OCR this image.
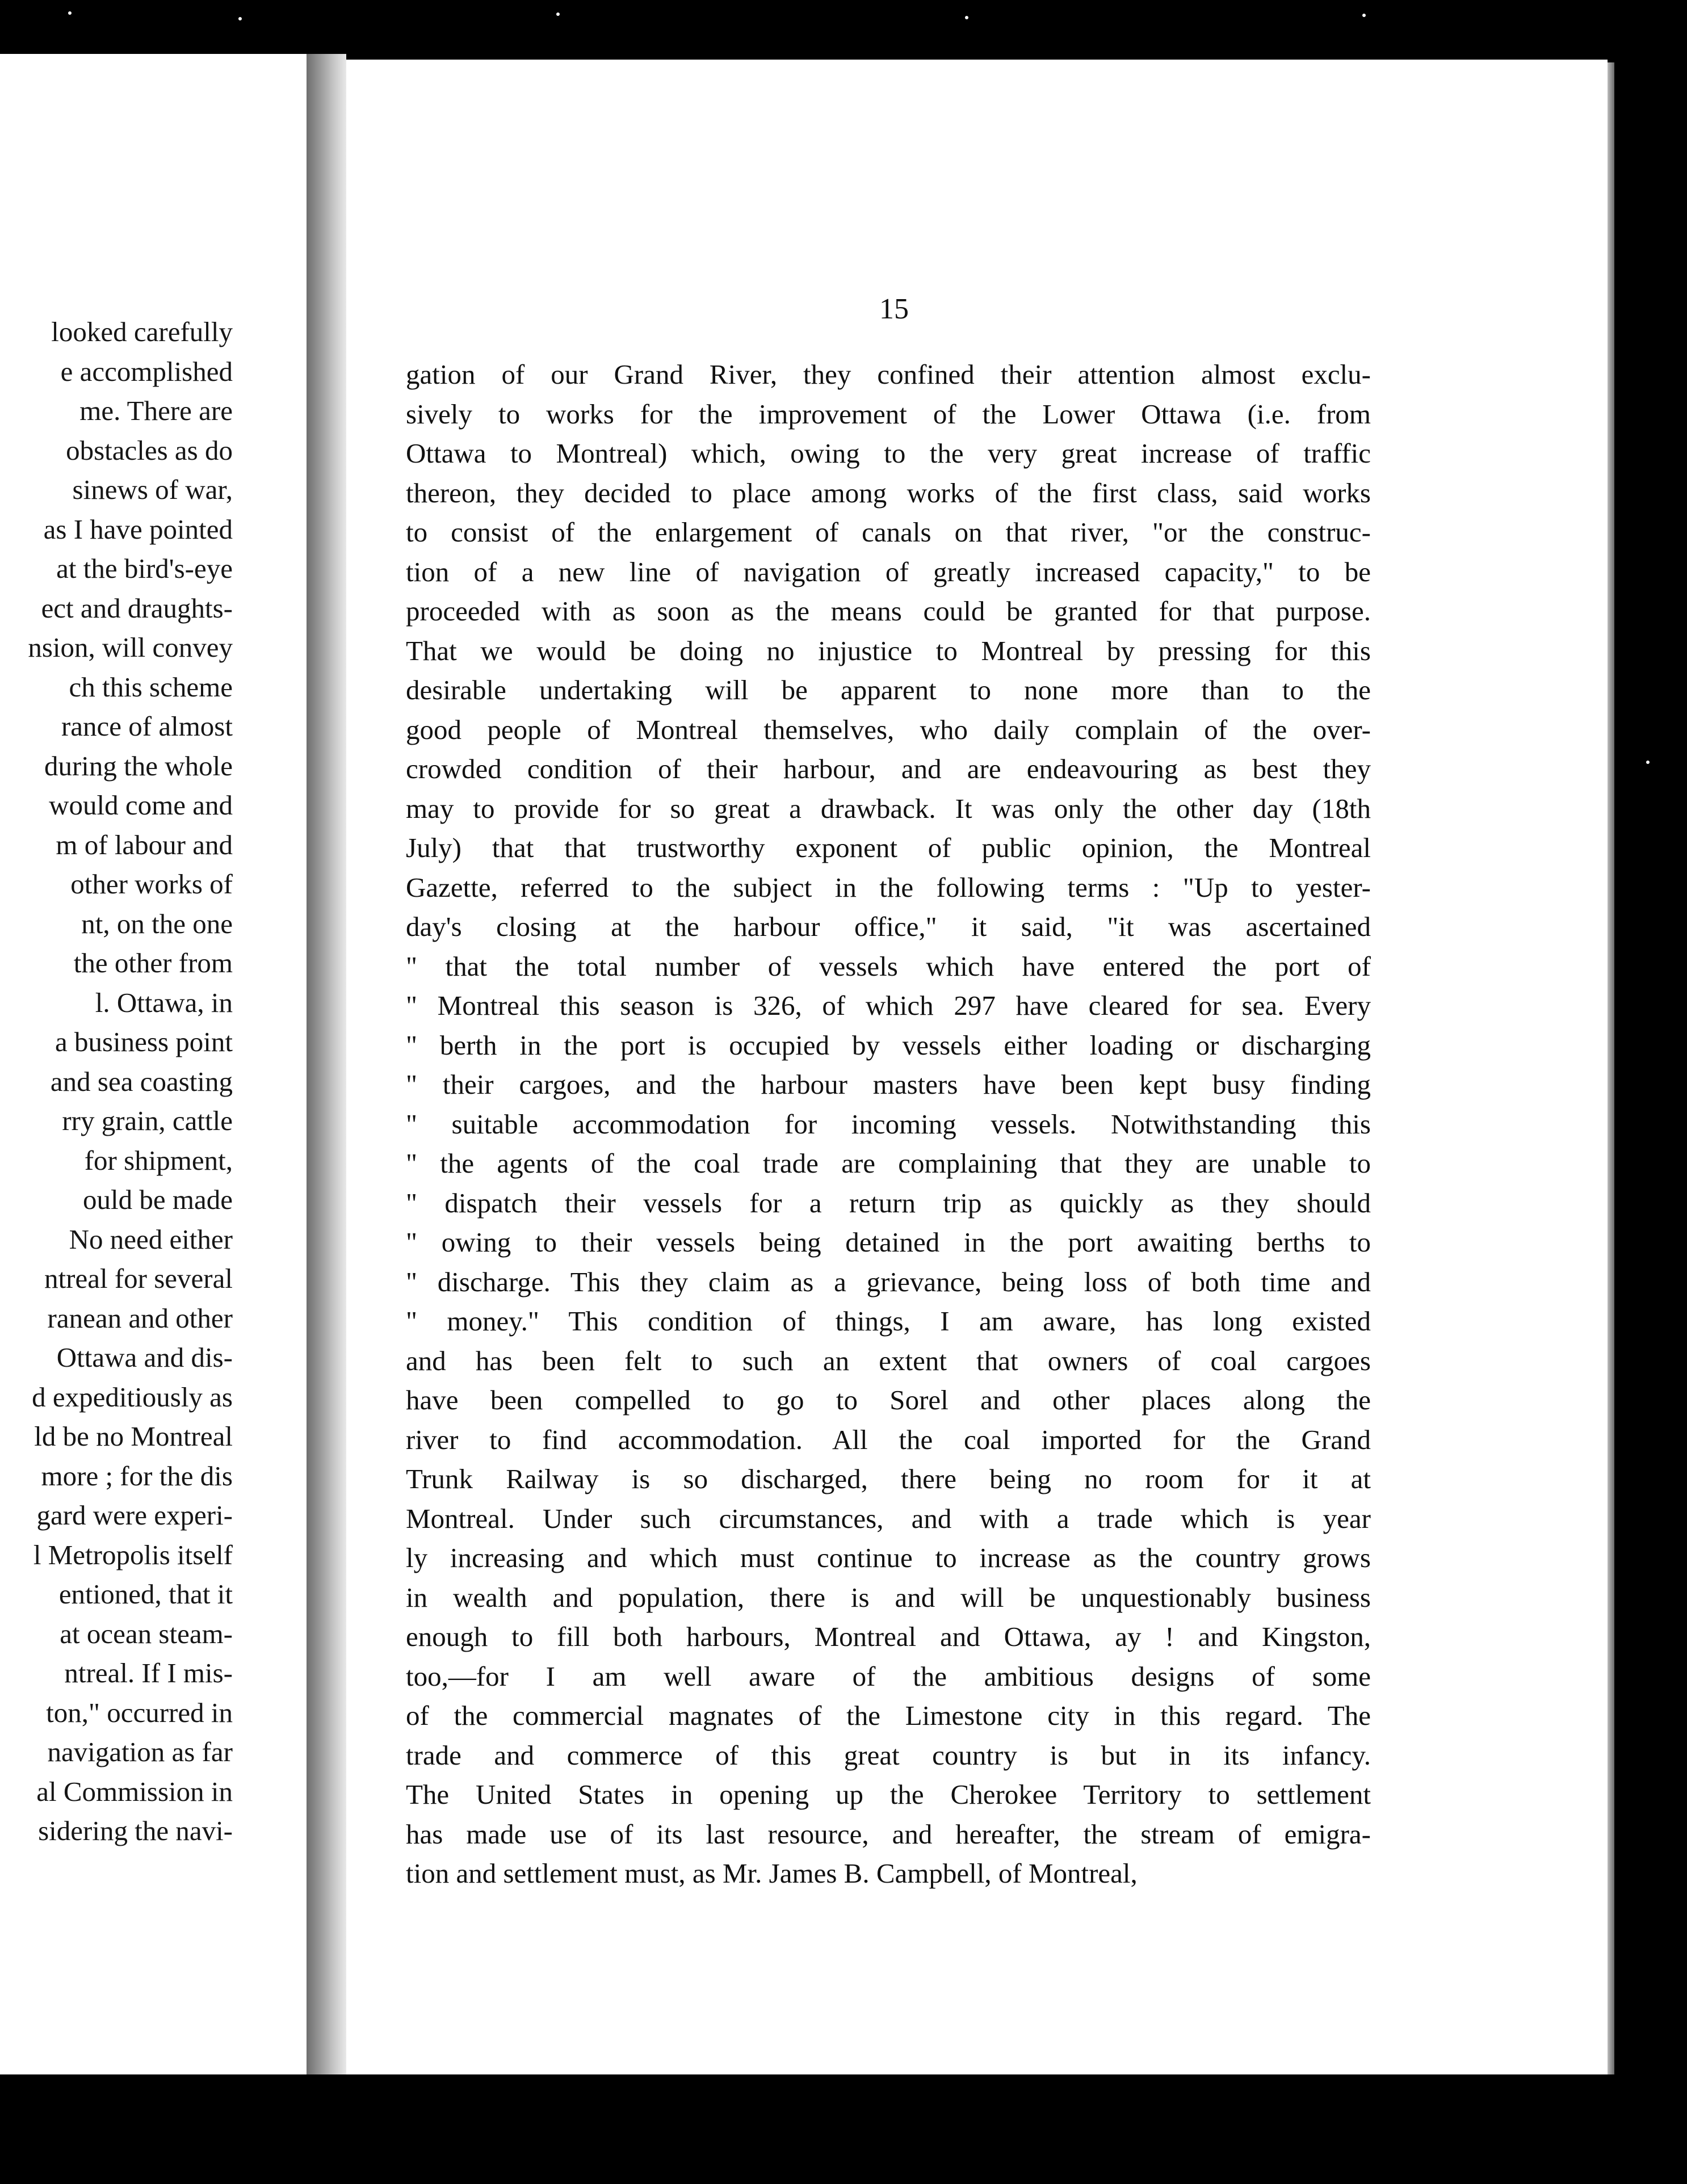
looked carefully
e accomplished
me. There are
obstacles as do
sinews of war,
as I have pointed
at the bird's-eye
ect and draughts-
nsion, will convey
ch this scheme
rance of almost
during the whole
would come and
m of labour and
other works of
nt, on the one
the other from
l. Ottawa, in
a business point
and sea coasting
rry grain, cattle
for shipment,
ould be made
No need either
ntreal for several
ranean and other
Ottawa and dis-
d expeditiously as
ld be no Montreal
more ; for the dis
gard were experi-
l Metropolis itself
entioned, that it
at ocean steam-
ntreal. If I mis-
ton," occurred in
navigation as far
al Commission in
sidering the navi-
15
gation of our Grand River, they confined their attention almost exclu-
sively to works for the improvement of the Lower Ottawa (i.e. from
Ottawa to Montreal) which, owing to the very great increase of traffic
thereon, they decided to place among works of the first class, said works
to consist of the enlargement of canals on that river, "or the construc-
tion of a new line of navigation of greatly increased capacity," to be
proceeded with as soon as the means could be granted for that purpose.
That we would be doing no injustice to Montreal by pressing for this
desirable undertaking will be apparent to none more than to the
good people of Montreal themselves, who daily complain of the over-
crowded condition of their harbour, and are endeavouring as best they
may to provide for so great a drawback. It was only the other day (18th
July) that that trustworthy exponent of public opinion, the Montreal
Gazette, referred to the subject in the following terms : "Up to yester-
day's closing at the harbour office," it said, "it was ascertained
" that the total number of vessels which have entered the port of
" Montreal this season is 326, of which 297 have cleared for sea. Every
" berth in the port is occupied by vessels either loading or discharging
" their cargoes, and the harbour masters have been kept busy finding
" suitable accommodation for incoming vessels. Notwithstanding this
" the agents of the coal trade are complaining that they are unable to
" dispatch their vessels for a return trip as quickly as they should
" owing to their vessels being detained in the port awaiting berths to
" discharge. This they claim as a grievance, being loss of both time and
" money." This condition of things, I am aware, has long existed
and has been felt to such an extent that owners of coal cargoes
have been compelled to go to Sorel and other places along the
river to find accommodation. All the coal imported for the Grand
Trunk Railway is so discharged, there being no room for it at
Montreal. Under such circumstances, and with a trade which is year
ly increasing and which must continue to increase as the country grows
in wealth and population, there is and will be unquestionably business
enough to fill both harbours, Montreal and Ottawa, ay ! and Kingston,
too,—for I am well aware of the ambitious designs of some
of the commercial magnates of the Limestone city in this regard. The
trade and commerce of this great country is but in its infancy.
The United States in opening up the Cherokee Territory to settlement
has made use of its last resource, and hereafter, the stream of emigra-
tion and settlement must, as Mr. James B. Campbell, of Montreal,
